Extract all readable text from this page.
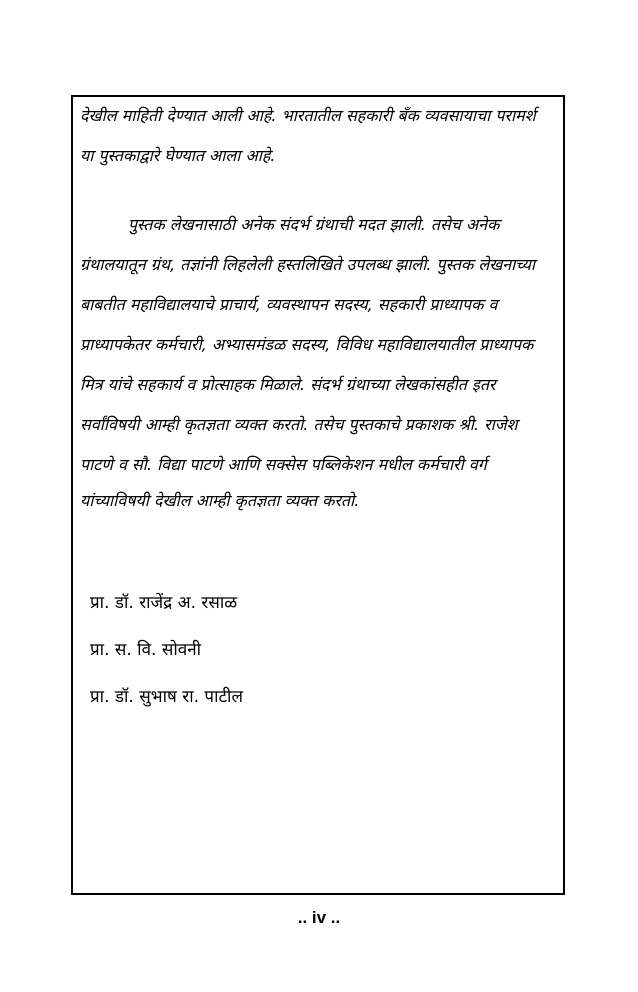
देखील माहिती देण्यात आली आहे. भारतातील सहकारी बँक व्यवसायाचा परामर्श
या पुस्तकाद्वारे घेण्यात आला आहे.
पुस्तक लेखनासाठी अनेक संदर्भ ग्रंथाची मदत झाली. तसेच अनेक
ग्रंथालयातून ग्रंथ, तज्ञांनी लिहलेली हस्तलिखिते उपलब्ध झाली. पुस्तक लेखनाच्या
बाबतीत महाविद्यालयाचे प्राचार्य, व्यवस्थापन सदस्य, सहकारी प्राध्यापक व
प्राध्यापकेतर कर्मचारी, अभ्यासमंडळ सदस्य, विविध महाविद्यालयातील प्राध्यापक
मित्र यांचे सहकार्य व प्रोत्साहक मिळाले. संदर्भ ग्रंथाच्या लेखकांसहीत इतर
सर्वांविषयी आम्ही कृतज्ञता व्यक्त करतो. तसेच पुस्तकाचे प्रकाशक श्री. राजेश
पाटणे व सौ. विद्या पाटणे आणि सक्सेस पब्लिकेशन मधील कर्मचारी वर्ग
यांच्याविषयी देखील आम्ही कृतज्ञता व्यक्त करतो.
प्रा. डॉ. राजेंद्र अ. रसाळ
प्रा. स. वि. सोवनी
प्रा. डॉ. सुभाष रा. पाटील
.. iv ..
